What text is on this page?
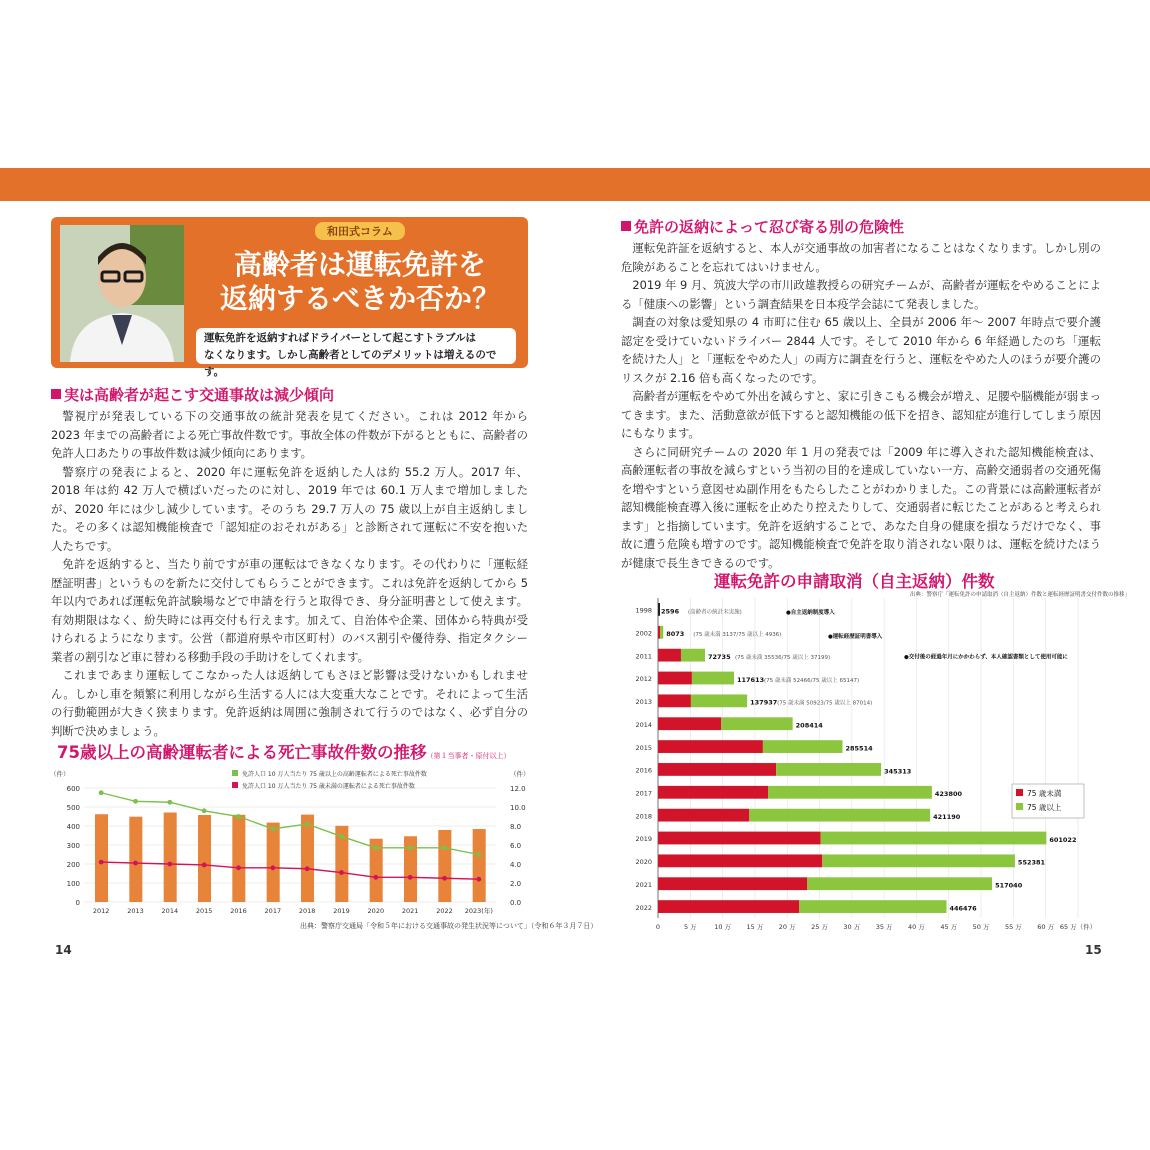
和田式コラム
高齢者は運転免許を
返納するべきか否か？
運転免許を返納すればドライバーとして起こすトラブルは
なくなります。しかし高齢者としてのデメリットは増えるのです。
実は高齢者が起こす交通事故は減少傾向

警視庁が発表している下の交通事故の統計発表を見てください。これは 2012 年から 2023 年までの高齢者による死亡事故件数です。事故全体の件数が下がるとともに、高齢者の免許人口あたりの事故件数は減少傾向にあります。

警察庁の発表によると、2020 年に運転免許を返納した人は約 55.2 万人。2017 年、2018 年は約 42 万人で横ばいだったのに対し、2019 年では 60.1 万人まで増加しましたが、2020 年には少し減少しています。そのうち 29.7 万人の 75 歳以上が自主返納しました。その多くは認知機能検査で「認知症のおそれがある」と診断されて運転に不安を抱いた人たちです。

免許を返納すると、当たり前ですが車の運転はできなくなります。その代わりに「運転経歴証明書」というものを新たに交付してもらうことができます。これは免許を返納してから 5 年以内であれば運転免許試験場などで申請を行うと取得でき、身分証明書として使えます。有効期限はなく、紛失時には再交付も行えます。加えて、自治体や企業、団体から特典が受けられるようになります。公営（都道府県や市区町村）のバス割引や優待券、指定タクシー業者の割引など車に替わる移動手段の手助けをしてくれます。

これまであまり運転してこなかった人は返納してもさほど影響は受けないかもしれません。しかし車を頻繁に利用しながら生活する人には大変重大なことです。それによって生活の行動範囲が大きく狭まります。免許返納は周囲に強制されて行うのではなく、必ず自分の判断で決めましょう。

75歳以上の高齢運転者による死亡事故件数の推移（第１当事者・原付以上）
（件）	（件）
0
100
200
300
400
500
600
0.0
2.0
4.0
6.0
8.0
10.0
12.0
2012	2013	2014	2015	2016	2017	2018	2019	2020	2021	2022 2023(年)
免許人口 10 万人当たり 75 歳以上の高齢運転者による死亡事故件数
免許人口 10 万人当たり 75 歳未満の運転者による死亡事故件数
出典：警察庁交通局「令和５年における交通事故の発生状況等について」（令和６年３月７日）
14
免許の返納によって忍び寄る別の危険性

運転免許証を返納すると、本人が交通事故の加害者になることはなくなります。しかし別の危険があることを忘れてはいけません。

2019 年 9 月、筑波大学の市川政雄教授らの研究チームが、高齢者が運転をやめることによる「健康への影響」という調査結果を日本疫学会誌にて発表しました。

調査の対象は愛知県の 4 市町に住む 65 歳以上、全員が 2006 年～ 2007 年時点で要介護認定を受けていないドライバー 2844 人です。そして 2010 年から 6 年経過したのち「運転を続けた人」と「運転をやめた人」の両方に調査を行うと、運転をやめた人のほうが要介護のリスクが 2.16 倍も高くなったのです。

高齢者が運転をやめて外出を減らすと、家に引きこもる機会が増え、足腰や脳機能が弱まってきます。また、活動意欲が低下すると認知機能の低下を招き、認知症が進行してしまう原因にもなります。

さらに同研究チームの 2020 年 1 月の発表では「2009 年に導入された認知機能検査は、高齢運転者の事故を減らすという当初の目的を達成していない一方、高齢交通弱者の交通死傷を増やすという意図せぬ副作用をもたらしたことがわかりました。この背景には高齢運転者が認知機能検査導入後に運転を止めたり控えたりして、交通弱者に転じたことがあると考えられます」と指摘しています。免許を返納することで、あなた自身の健康を損なうだけでなく、事故に遭う危険も増すのです。認知機能検査で免許を取り消されない限りは、運転を続けたほうが健康で長生きできるのです。

運転免許の申請取消（自主返納）件数
0	5 万	10 万 15 万 20 万 25 万 30 万 35 万 40 万 45 万 50 万 55 万 60 万 65 万（件）
1998 2596 (高齢者の統計未実施)
2002 8073 (75 歳未満 3137/75 歳以上 4936)
2011	72735 (75 歳未満 35536/75 歳以上 37199)
2012	117613 (75 歳未満 52466/75 歳以上 65147)
2013	137937 (75 歳未満 50923/75 歳以上 87014)
2014	208414
2015	285514
2016	345313
2017	423800
2018	421190
2019	601022
2020	552381
2021	517040
2022	446476
●自主返納制度導入
●運転経歴証明書導入
●交付後の経過年月にかかわらず、本人確認書類として使用可能に
出典：警察庁「運転免許の申請取消（自主返納）件数と運転経歴証明書交付件数の推移」
75 歳未満
75 歳以上
15
